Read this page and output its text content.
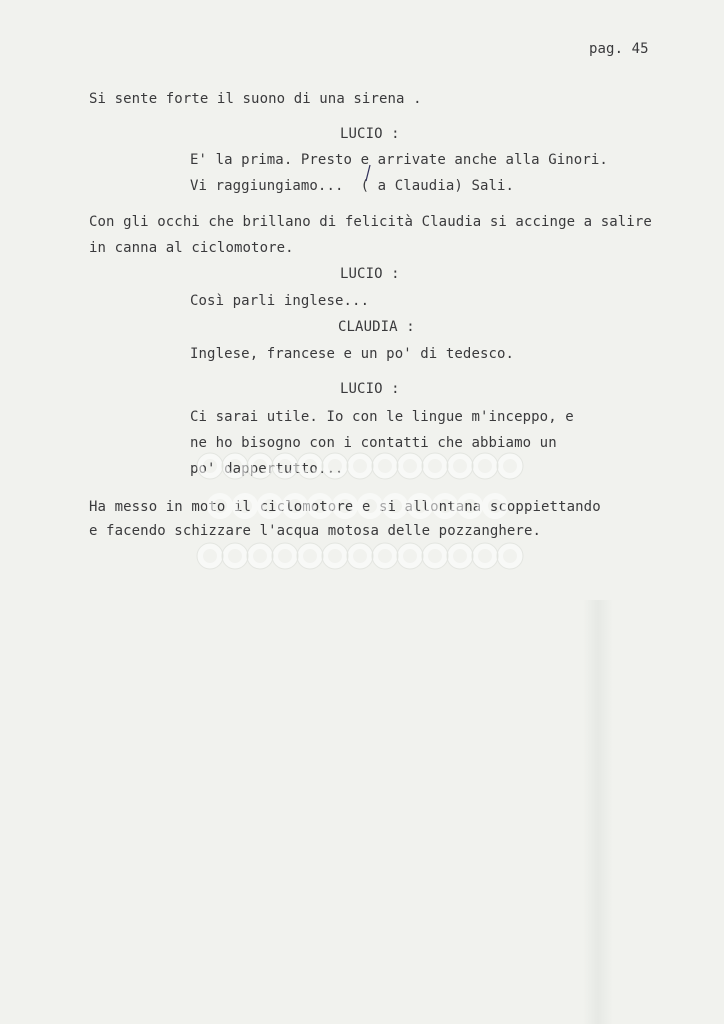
pag. 45
Si sente forte il suono di una sirena .
LUCIO :
E' la prima. Presto e arrivate anche alla Ginori.
Vi raggiungiamo...  ( a Claudia) Sali.
Con gli occhi che brillano di felicità Claudia si accinge a salire
in canna al ciclomotore.
LUCIO :
Così parli inglese...
CLAUDIA :
Inglese, francese e un po' di tedesco.
LUCIO :
Ci sarai utile. Io con le lingue m'inceppo, e
ne ho bisogno con i contatti che abbiamo un
po' dappertutto...
Ha messo in moto il ciclomotore e si allontana scoppiettando
e facendo schizzare l'acqua motosa delle pozzanghere.
